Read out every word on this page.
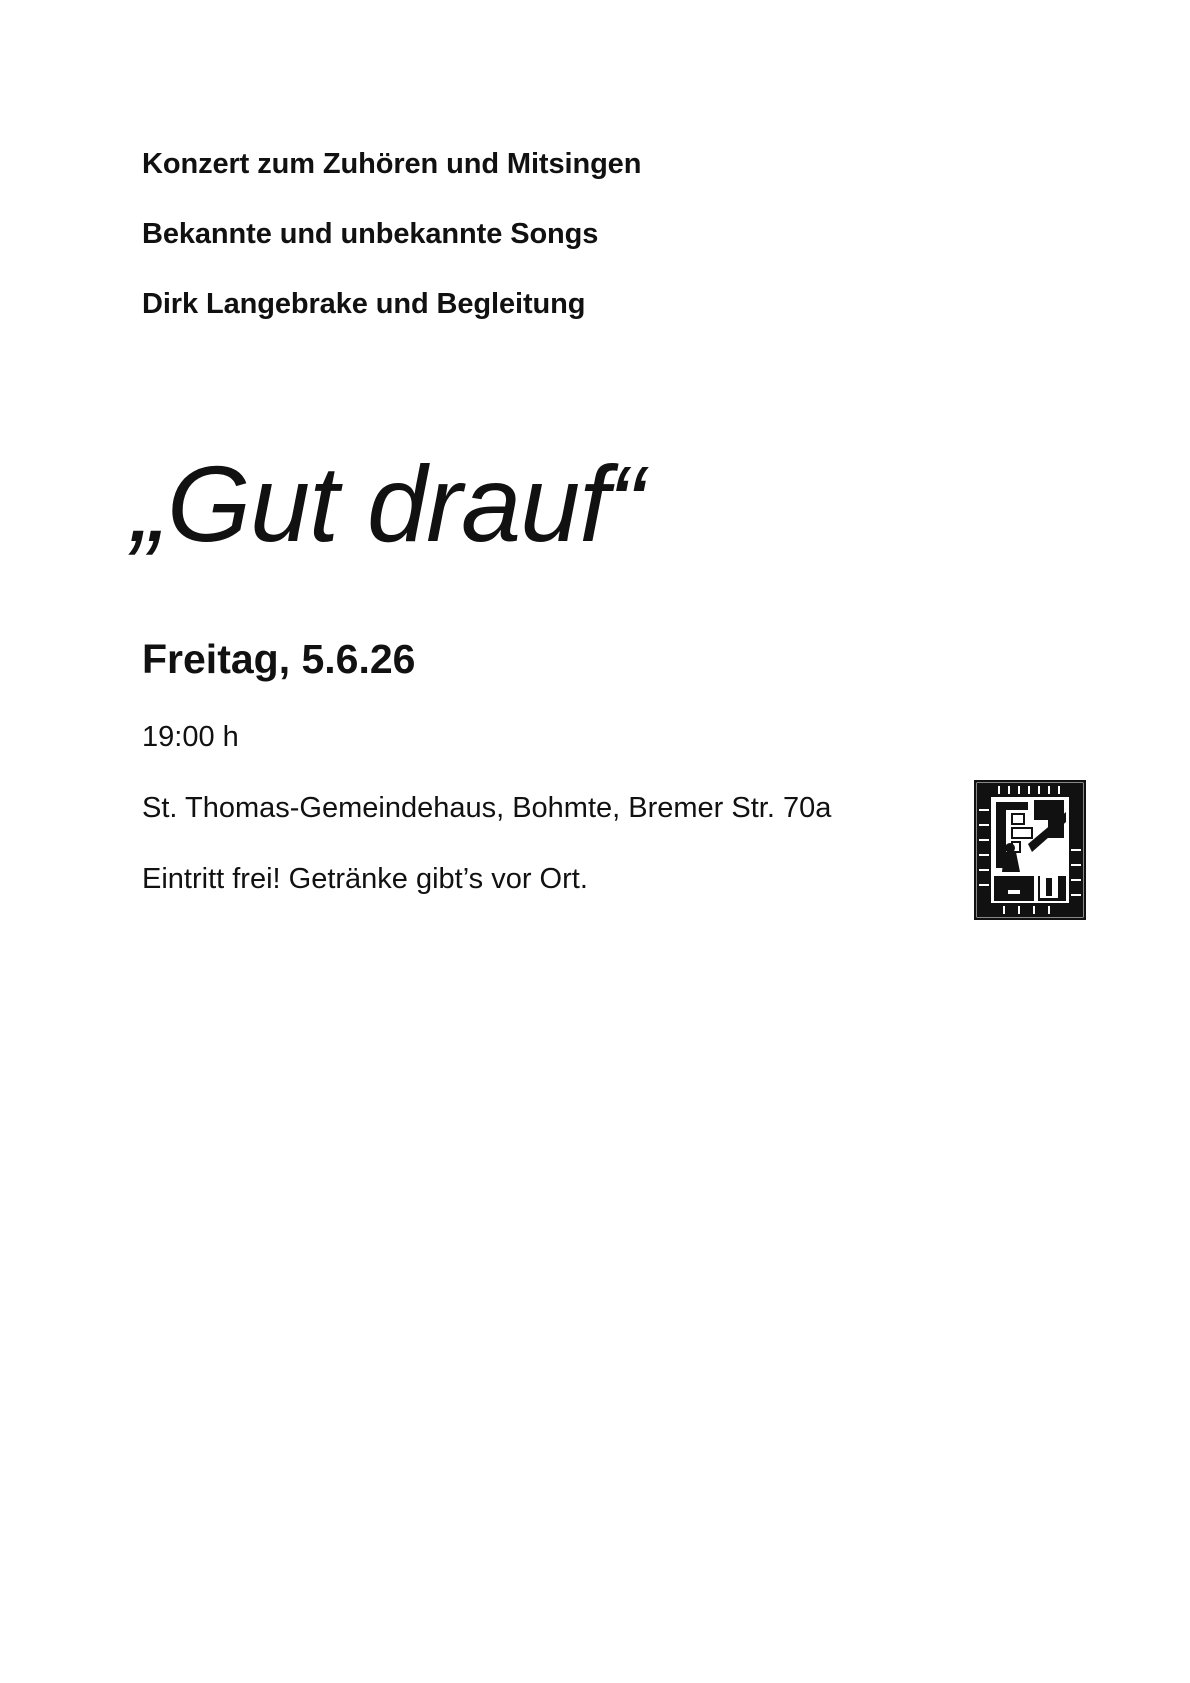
Konzert zum Zuhören und Mitsingen

Bekannte und unbekannte Songs

Dirk Langebrake und Begleitung

„Gut drauf“

Freitag, 5.6.26

19:00 h

St. Thomas-Gemeindehaus, Bohmte, Bremer Str. 70a

Eintritt frei! Getränke gibt’s vor Ort.
